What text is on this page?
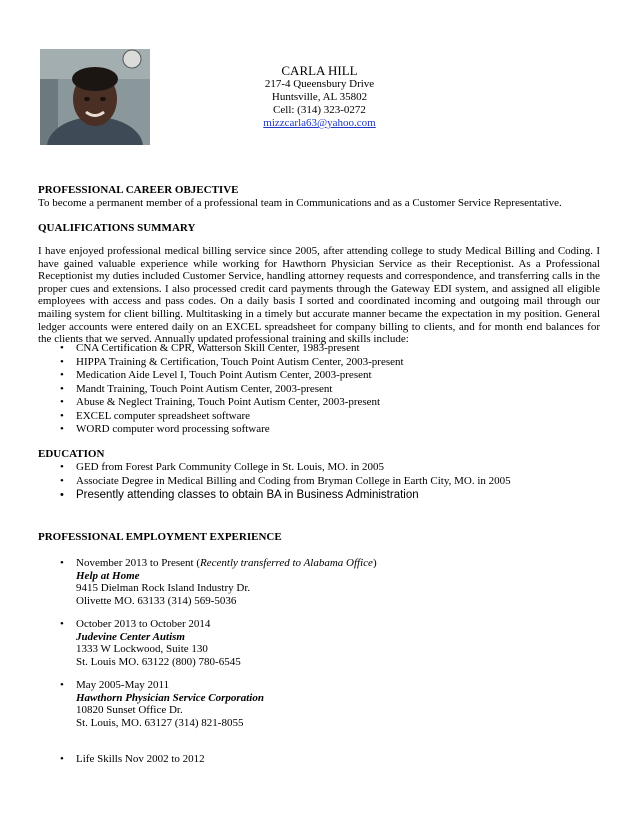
CARLA HILL
217-4 Queensbury Drive
Huntsville, AL 35802
Cell: (314) 323-0272
mizzcarla63@yahoo.com
PROFESSIONAL CAREER OBJECTIVE
To become a permanent member of a professional team in Communications and as a Customer Service Representative.
QUALIFICATIONS SUMMARY
I have enjoyed professional medical billing service since 2005, after attending college to study Medical Billing and Coding. I have gained valuable experience while working for Hawthorn Physician Service as their Receptionist. As a Professional Receptionist my duties included Customer Service, handling attorney requests and correspondence, and transferring calls in the proper cues and extensions. I also processed credit card payments through the Gateway EDI system, and assigned all eligible employees with access and pass codes. On a daily basis I sorted and coordinated incoming and outgoing mail through our mailing system for client billing. Multitasking in a timely but accurate manner became the expectation in my position. General ledger accounts were entered daily on an EXCEL spreadsheet for company billing to clients, and for month end balances for the clients that we served. Annually updated professional training and skills include:
• CNA Certification & CPR, Watterson Skill Center, 1983-present
• HIPPA Training & Certification, Touch Point Autism Center, 2003-present
• Medication Aide Level I, Touch Point Autism Center, 2003-present
• Mandt Training, Touch Point Autism Center, 2003-present
• Abuse & Neglect Training, Touch Point Autism Center, 2003-present
• EXCEL computer spreadsheet software
• WORD computer word processing software
EDUCATION
• GED from Forest Park Community College in St. Louis, MO. in 2005
• Associate Degree in Medical Billing and Coding from Bryman College in Earth City, MO. in 2005
• Presently attending classes to obtain BA in Business Administration
PROFESSIONAL EMPLOYMENT EXPERIENCE
• November 2013 to Present (Recently transferred to Alabama Office)
Help at Home
9415 Dielman Rock Island Industry Dr.
Olivette MO. 63133 (314) 569-5036
• October 2013 to October 2014
Judevine Center Autism
1333 W Lockwood, Suite 130
St. Louis MO. 63122 (800) 780-6545
• May 2005-May 2011
Hawthorn Physician Service Corporation
10820 Sunset Office Dr.
St. Louis, MO. 63127 (314) 821-8055
• Life Skills Nov 2002 to 2012
